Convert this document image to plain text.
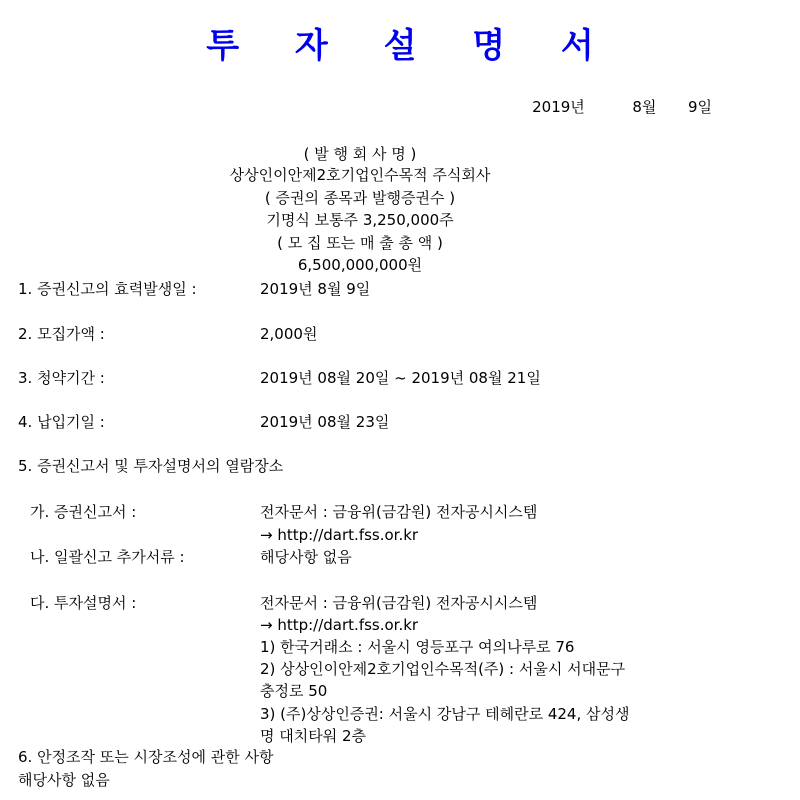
투 자 설 명 서
2019년	8월 9일
( 발 행 회 사 명 )
상상인이안제2호기업인수목적 주식회사
( 증권의 종목과 발행증권수 )
기명식 보통주 3,250,000주
( 모 집 또는 매 출 총 액 )
6,500,000,000원
1. 증권신고의 효력발생일 :	2019년 8월 9일
2. 모집가액 :	2,000원
3. 청약기간 :	2019년 08월 20일 ~ 2019년 08월 21일
4. 납입기일 :	2019년 08월 23일
5. 증권신고서 및 투자설명서의 열람장소
가. 증권신고서 :	전자문서 : 금융위(금감원) 전자공시시스템
→ http://dart.fss.or.kr
나. 일괄신고 추가서류 :	해당사항 없음
다. 투자설명서 :	전자문서 : 금융위(금감원) 전자공시시스템
→ http://dart.fss.or.kr
1) 한국거래소 : 서울시 영등포구 여의나루로 76
2) 상상인이안제2호기업인수목적(주) : 서울시 서대문구
충정로 50
3) (주)상상인증권: 서울시 강남구 테헤란로 424, 삼성생
명 대치타워 2층
6. 안정조작 또는 시장조성에 관한 사항
해당사항 없음
